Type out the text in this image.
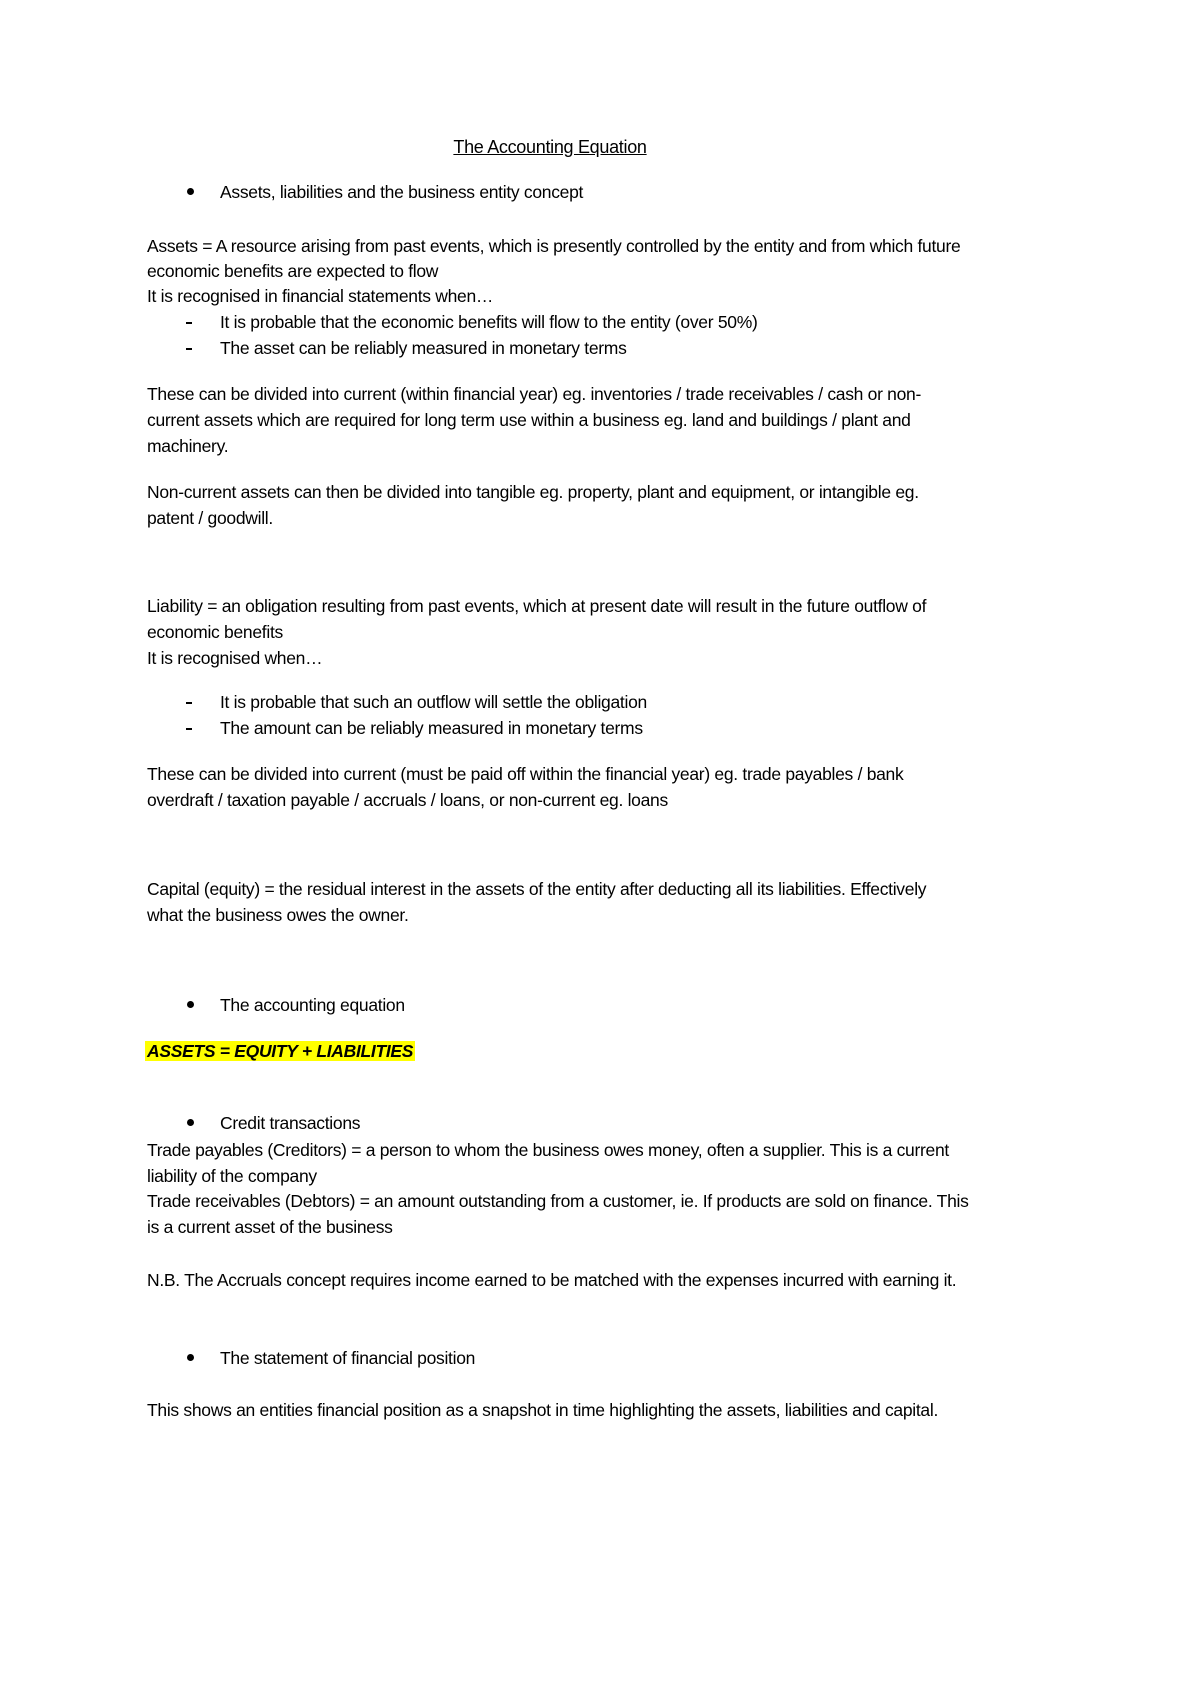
The Accounting Equation
Assets, liabilities and the business entity concept
Assets = A resource arising from past events, which is presently controlled by the entity and from which future
economic benefits are expected to flow
It is recognised in financial statements when…
It is probable that the economic benefits will flow to the entity (over 50%)
The asset can be reliably measured in monetary terms
These can be divided into current (within financial year) eg. inventories / trade receivables / cash or non-
current assets which are required for long term use within a business eg. land and buildings / plant and
machinery.
Non-current assets can then be divided into tangible eg. property, plant and equipment, or intangible eg.
patent / goodwill.
Liability = an obligation resulting from past events, which at present date will result in the future outflow of
economic benefits
It is recognised when…
It is probable that such an outflow will settle the obligation
The amount can be reliably measured in monetary terms
These can be divided into current (must be paid off within the financial year) eg. trade payables / bank
overdraft / taxation payable / accruals / loans, or non-current eg. loans
Capital (equity) = the residual interest in the assets of the entity after deducting all its liabilities. Effectively
what the business owes the owner.
The accounting equation
ASSETS = EQUITY + LIABILITIES
Credit transactions
Trade payables (Creditors) = a person to whom the business owes money, often a supplier. This is a current
liability of the company
Trade receivables (Debtors) = an amount outstanding from a customer, ie. If products are sold on finance. This
is a current asset of the business
N.B. The Accruals concept requires income earned to be matched with the expenses incurred with earning it.
The statement of financial position
This shows an entities financial position as a snapshot in time highlighting the assets, liabilities and capital.
